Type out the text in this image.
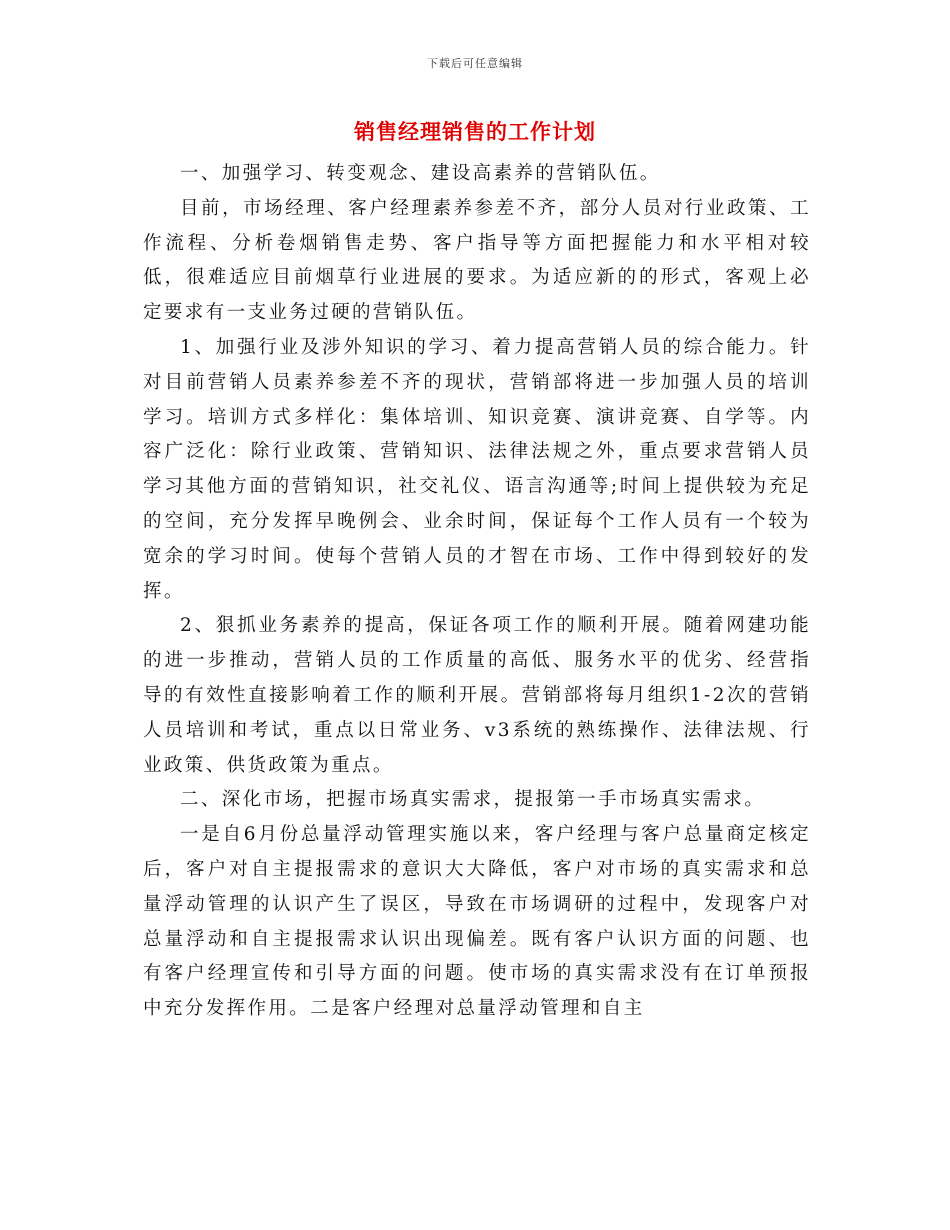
下载后可任意编辑
销售经理销售的工作计划

一、加强学习、转变观念、建设高素养的营销队伍。

目前，市场经理、客户经理素养参差不齐，部分人员对行业政策、工作流程、分析卷烟销售走势、客户指导等方面把握能力和水平相对较低，很难适应目前烟草行业进展的要求。为适应新的的形式，客观上必定要求有一支业务过硬的营销队伍。

1、加强行业及涉外知识的学习、着力提高营销人员的综合能力。针对目前营销人员素养参差不齐的现状，营销部将进一步加强人员的培训学习。培训方式多样化：集体培训、知识竞赛、演讲竞赛、自学等。内容广泛化：除行业政策、营销知识、法律法规之外，重点要求营销人员学习其他方面的营销知识，社交礼仪、语言沟通等;时间上提供较为充足的空间，充分发挥早晚例会、业余时间，保证每个工作人员有一个较为宽余的学习时间。使每个营销人员的才智在市场、工作中得到较好的发挥。

2、狠抓业务素养的提高，保证各项工作的顺利开展。随着网建功能的进一步推动，营销人员的工作质量的高低、服务水平的优劣、经营指导的有效性直接影响着工作的顺利开展。营销部将每月组织1-2次的营销人员培训和考试，重点以日常业务、v3系统的熟练操作、法律法规、行业政策、供货政策为重点。

二、深化市场，把握市场真实需求，提报第一手市场真实需求。

一是自6月份总量浮动管理实施以来，客户经理与客户总量商定核定后，客户对自主提报需求的意识大大降低，客户对市场的真实需求和总量浮动管理的认识产生了误区，导致在市场调研的过程中，发现客户对总量浮动和自主提报需求认识出现偏差。既有客户认识方面的问题、也有客户经理宣传和引导方面的问题。使市场的真实需求没有在订单预报中充分发挥作用。二是客户经理对总量浮动管理和自主
